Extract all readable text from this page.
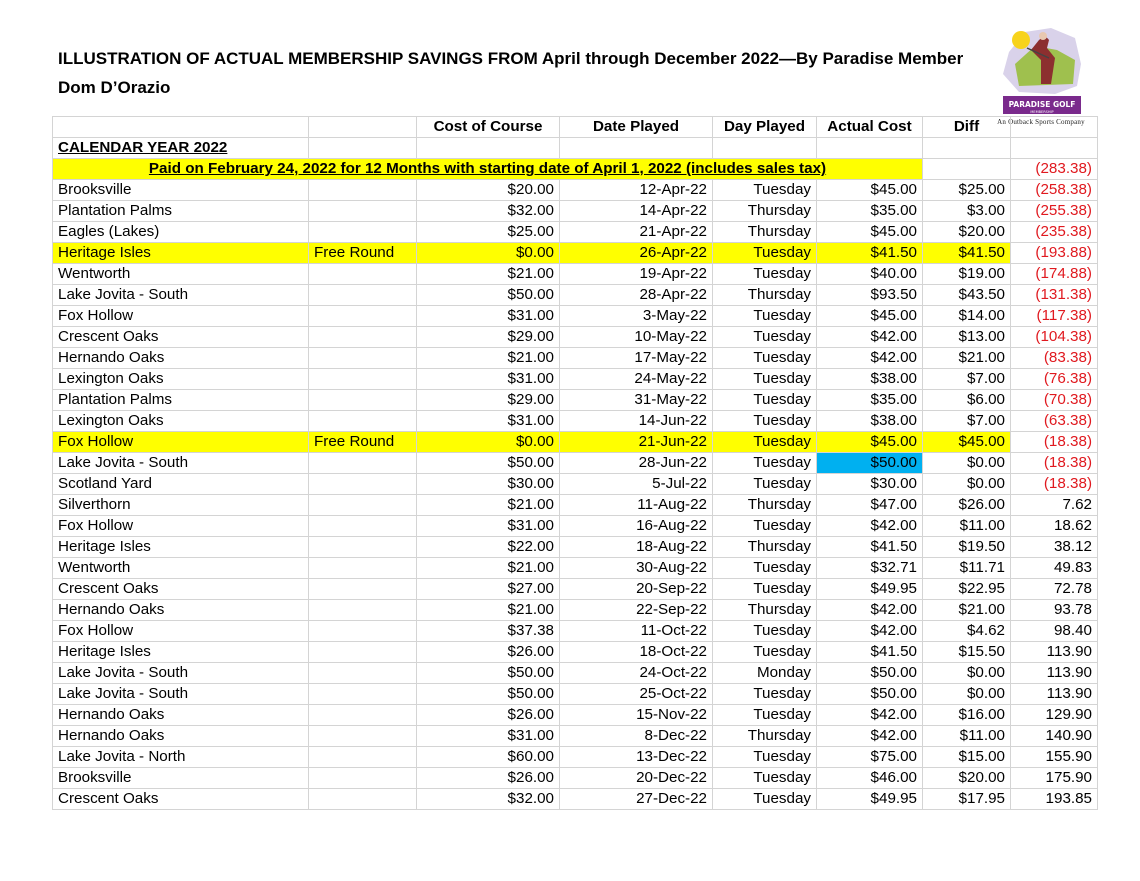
ILLUSTRATION OF ACTUAL MEMBERSHIP SAVINGS FROM April through December 2022—By Paradise Member
Dom D’Orazio
PARADISE GOLF
MEMBERSHIP
An Outback Sports Company
		Cost of Course	Date Played	Day Played	Actual Cost	Diff	
CALENDAR YEAR 2022							
Paid on February 24, 2022 for 12 Months with starting date of April 1, 2022 (includes sales tax)							(283.38)
Brooksville		$20.00	12-Apr-22	Tuesday	$45.00	$25.00	(258.38)
Plantation Palms		$32.00	14-Apr-22	Thursday	$35.00	$3.00	(255.38)
Eagles (Lakes)		$25.00	21-Apr-22	Thursday	$45.00	$20.00	(235.38)
Heritage Isles	Free Round	$0.00	26-Apr-22	Tuesday	$41.50	$41.50	(193.88)
Wentworth		$21.00	19-Apr-22	Tuesday	$40.00	$19.00	(174.88)
Lake Jovita - South		$50.00	28-Apr-22	Thursday	$93.50	$43.50	(131.38)
Fox Hollow		$31.00	3-May-22	Tuesday	$45.00	$14.00	(117.38)
Crescent Oaks		$29.00	10-May-22	Tuesday	$42.00	$13.00	(104.38)
Hernando Oaks		$21.00	17-May-22	Tuesday	$42.00	$21.00	(83.38)
Lexington Oaks		$31.00	24-May-22	Tuesday	$38.00	$7.00	(76.38)
Plantation Palms		$29.00	31-May-22	Tuesday	$35.00	$6.00	(70.38)
Lexington Oaks		$31.00	14-Jun-22	Tuesday	$38.00	$7.00	(63.38)
Fox Hollow	Free Round	$0.00	21-Jun-22	Tuesday	$45.00	$45.00	(18.38)
Lake Jovita - South		$50.00	28-Jun-22	Tuesday	$50.00	$0.00	(18.38)
Scotland Yard		$30.00	5-Jul-22	Tuesday	$30.00	$0.00	(18.38)
Silverthorn		$21.00	11-Aug-22	Thursday	$47.00	$26.00	7.62
Fox Hollow		$31.00	16-Aug-22	Tuesday	$42.00	$11.00	18.62
Heritage Isles		$22.00	18-Aug-22	Thursday	$41.50	$19.50	38.12
Wentworth		$21.00	30-Aug-22	Tuesday	$32.71	$11.71	49.83
Crescent Oaks		$27.00	20-Sep-22	Tuesday	$49.95	$22.95	72.78
Hernando Oaks		$21.00	22-Sep-22	Thursday	$42.00	$21.00	93.78
Fox Hollow		$37.38	11-Oct-22	Tuesday	$42.00	$4.62	98.40
Heritage Isles		$26.00	18-Oct-22	Tuesday	$41.50	$15.50	113.90
Lake Jovita - South		$50.00	24-Oct-22	Monday	$50.00	$0.00	113.90
Lake Jovita - South		$50.00	25-Oct-22	Tuesday	$50.00	$0.00	113.90
Hernando Oaks		$26.00	15-Nov-22	Tuesday	$42.00	$16.00	129.90
Hernando Oaks		$31.00	8-Dec-22	Thursday	$42.00	$11.00	140.90
Lake Jovita - North		$60.00	13-Dec-22	Tuesday	$75.00	$15.00	155.90
Brooksville		$26.00	20-Dec-22	Tuesday	$46.00	$20.00	175.90
Crescent Oaks		$32.00	27-Dec-22	Tuesday	$49.95	$17.95	193.85
